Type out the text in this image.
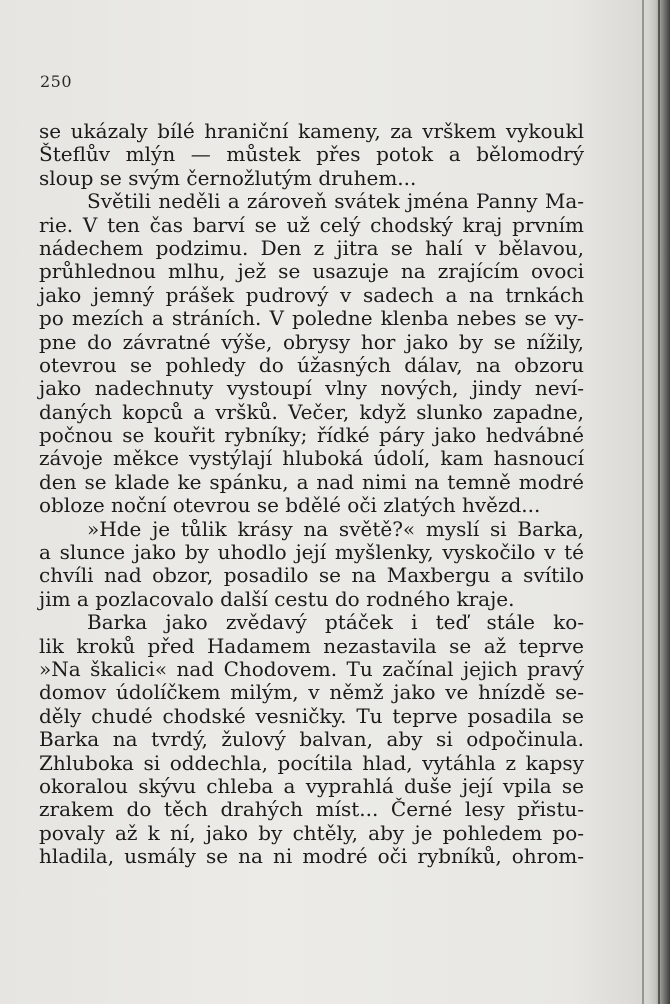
250
se ukázaly bílé hraniční kameny, za vrškem vykoukl
Šteflův mlýn — můstek přes potok a bělomodrý
sloup se svým černožlutým druhem...
Světili neděli a zároveň svátek jména Panny Ma-
rie. V ten čas barví se už celý chodský kraj prvním
nádechem podzimu. Den z jitra se halí v bělavou,
průhlednou mlhu, jež se usazuje na zrajícím ovoci
jako jemný prášek pudrový v sadech a na trnkách
po mezích a stráních. V poledne klenba nebes se vy-
pne do závratné výše, obrysy hor jako by se nížily,
otevrou se pohledy do úžasných dálav, na obzoru
jako nadechnuty vystoupí vlny nových, jindy neví-
daných kopců a vršků. Večer, když slunko zapadne,
počnou se kouřit rybníky; řídké páry jako hedvábné
závoje měkce vystýlají hluboká údolí, kam hasnoucí
den se klade ke spánku, a nad nimi na temně modré
obloze noční otevrou se bdělé oči zlatých hvězd...
»Hde je tůlik krásy na světě?« myslí si Barka,
a slunce jako by uhodlo její myšlenky, vyskočilo v té
chvíli nad obzor, posadilo se na Maxbergu a svítilo
jim a pozlacovalo další cestu do rodného kraje.
Barka jako zvědavý ptáček i teď stále ko-
lik kroků před Hadamem nezastavila se až teprve
»Na škalici« nad Chodovem. Tu začínal jejich pravý
domov údolíčkem milým, v němž jako ve hnízdě se-
děly chudé chodské vesničky. Tu teprve posadila se
Barka na tvrdý, žulový balvan, aby si odpočinula.
Zhluboka si oddechla, pocítila hlad, vytáhla z kapsy
okoralou skývu chleba a vyprahlá duše její vpila se
zrakem do těch drahých míst... Černé lesy přistu-
povaly až k ní, jako by chtěly, aby je pohledem po-
hladila, usmály se na ni modré oči rybníků, ohrom-
